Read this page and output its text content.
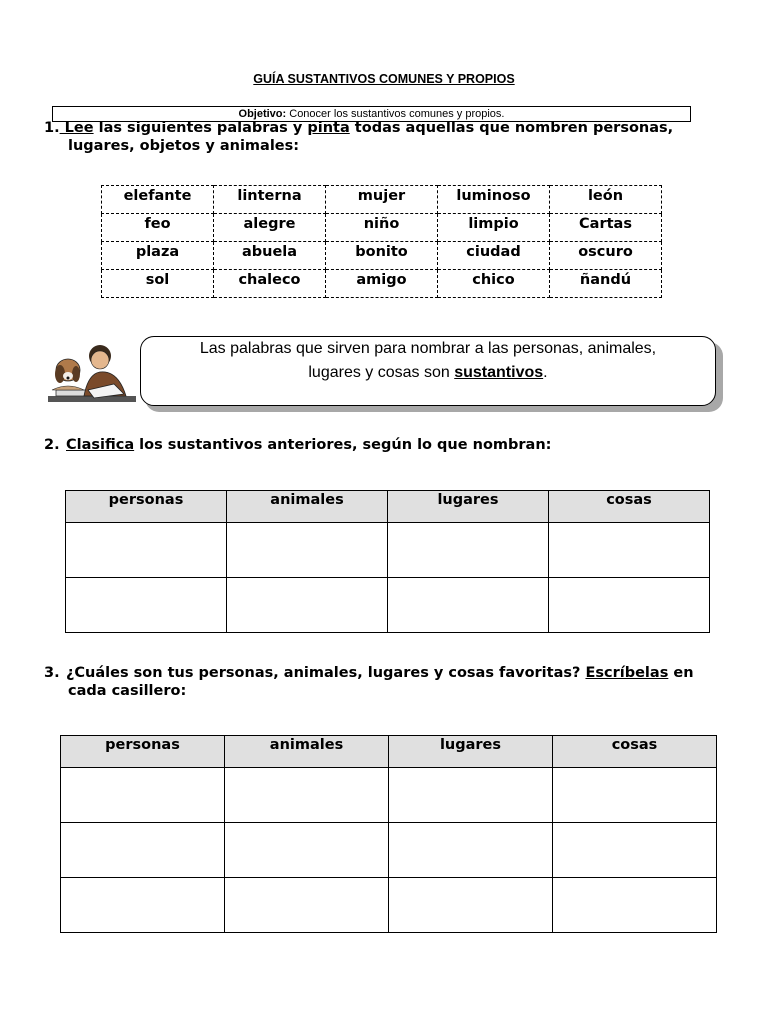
GUÍA SUSTANTIVOS COMUNES Y PROPIOS
Objetivo: Conocer los sustantivos comunes y propios.
1. Lee las siguientes palabras y pinta todas aquellas que nombren personas,
lugares, objetos y animales:
elefante	linterna	mujer	luminoso	león
feo	alegre	niño	limpio	Cartas
plaza	abuela	bonito	ciudad	oscuro
sol	chaleco	amigo	chico	ñandú
Las palabras que sirven para nombrar a las personas, animales,
lugares y cosas son sustantivos.
2. Clasifica los sustantivos anteriores, según lo que nombran:
personas	animales	lugares	cosas

3. ¿Cuáles son tus personas, animales, lugares y cosas favoritas? Escríbelas en
cada casillero:
personas	animales	lugares	cosas
